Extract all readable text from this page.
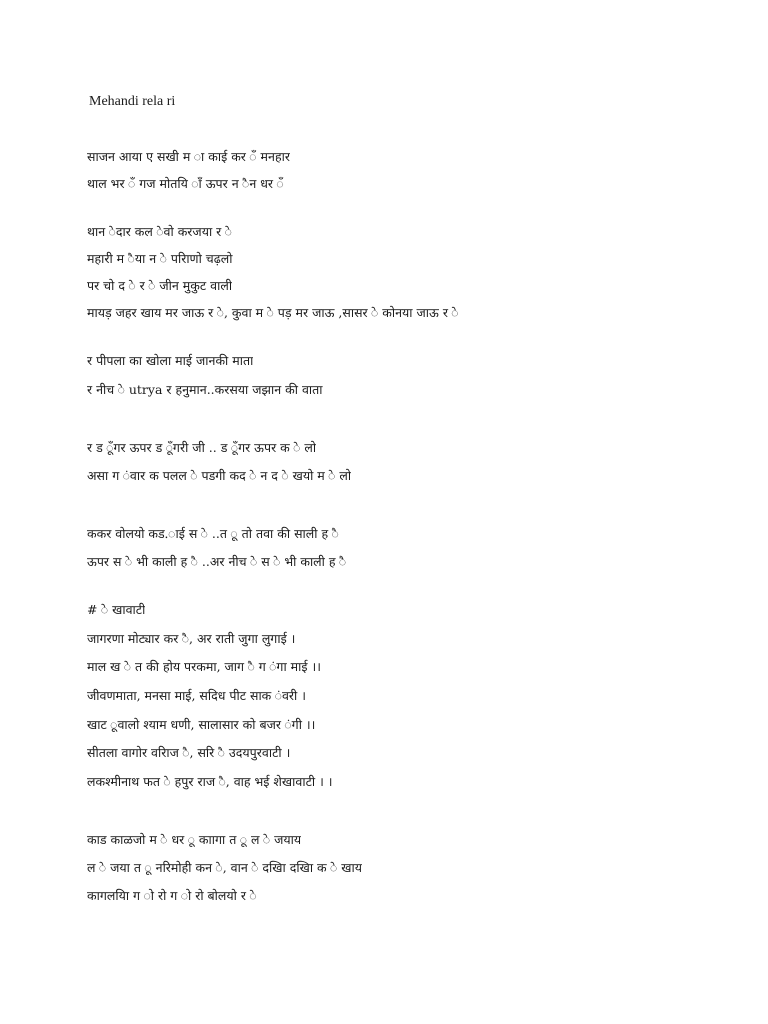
Mehandi rela ri
साजन आया ए सखी म ा काई कर ँ मनहार
थाल भर ँ गज मोतयि ाँ ऊपर न ैन धर ँ
थान ेदार कल ेवो करजया र े
महारी म ैया न े परिाणो चढ़लो
पर चो द े र े जीन मुकुट वाली
मायड़ जहर खाय मर जाऊ र े, कुवा म े पड़ मर जाऊ ,सासर े कोनया जाऊ र े
र पीपला का खोला माई जानकी माता
र नीच े utrya र हनुमान..करसया जझान की वाता
र ड ूँगर ऊपर ड ूँगरी जी .. ड ूँगर ऊपर क े लो
असा ग ंवार क पलल े पडगी कद े न द े खयो म े लो
ककर वोलयो कड.ाई स े ..त ू तो तवा की साली ह ै
ऊपर स े भी काली ह ै ..अर नीच े स े भी काली ह ै
# े खावाटी
जागरणा मोट्यार कर ै, अर राती जुगा लुगाई ।
माल ख े त की होय परकमा, जाग ै ग ंगा माई ।।
जीवणमाता, मनसा माई, सदिध पीट साक ंवरी ।
खाट ूवालो श्याम धणी, सालासार को बजर ंगी ।।
सीतला वागोर वरिाज ै, सरि ै उदयपुरवाटी ।
लकश्मीनाथ फत े हपुर राज ै, वाह भई शेखावाटी । ।
काड काळजो म े धर ू काागा त ू ल े जयाय
ल े जया त ू नरिमोही कन े, वान े दखिा दखिा क े खाय
कागलयिा ग ो रो ग ो रो बोलयो र े
